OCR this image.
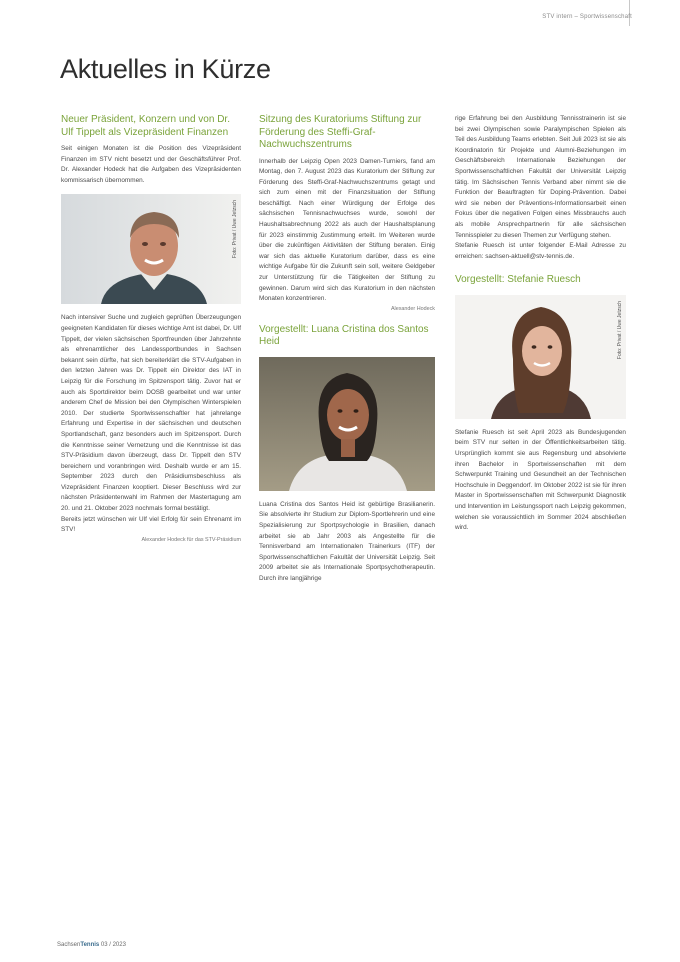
STV intern – Sportwissenschaft
Aktuelles in Kürze
Neuer Präsident, Konzern und von Dr. Ulf Tippelt als Vizepräsident Finanzen
Seit einigen Monaten ist die Position des Vizepräsident Finanzen im STV nicht besetzt und der Geschäftsführer Prof. Dr. Alexander Hodeck hat die Aufgaben des Vizepräsidenten kommissarisch übernommen.
Foto: Privat / Uwe Jetzsch
Nach intensiver Suche und zugleich geprüften Überzeugungen geeigneten Kandidaten für dieses wichtige Amt ist dabei, Dr. Ulf Tippelt, der vielen sächsischen Sportfreunden über Jahrzehnte als ehrenamtlicher des Landessportbundes in Sachsen bekannt sein dürfte, hat sich bereiterklärt die STV-Aufgaben in den letzten Jahren was Dr. Tippelt ein Direktor des IAT in Leipzig für die Forschung im Spitzensport tätig. Zuvor hat er auch als Sportdirektor beim DOSB gearbeitet und war unter anderem Chef de Mission bei den Olympischen Winterspielen 2010. Der studierte Sportwissenschaftler hat jahrelange Erfahrung und Expertise in der sächsischen und deutschen Sportlandschaft, ganz besonders auch im Spitzensport. Durch die Kenntnisse seiner Vernetzung und die Kenntnisse ist das STV-Präsidium davon überzeugt, dass Dr. Tippelt den STV bereichern und voranbringen wird. Deshalb wurde er am 15. September 2023 durch den Präsidiumsbeschluss als Vizepräsident Finanzen kooptiert. Dieser Beschluss wird zur nächsten Präsidentenwahl im Rahmen der Mastertagung am 20. und 21. Oktober 2023 nochmals formal bestätigt.
Bereits jetzt wünschen wir Ulf viel Erfolg für sein Ehrenamt im STV!
Alexander Hodeck für das STV-Präsidium
Sitzung des Kuratoriums Stiftung zur Förderung des Steffi-Graf-Nachwuchszentrums
Innerhalb der Leipzig Open 2023 Damen-Turniers, fand am Montag, den 7. August 2023 das Kuratorium der Stiftung zur Förderung des Steffi-Graf-Nachwuchszentrums getagt und sich zum einen mit der Finanzsituation der Stiftung beschäftigt. Nach einer Würdigung der Erfolge des sächsischen Tennisnachwuchses wurde, sowohl der Haushaltsabrechnung 2022 als auch der Haushaltsplanung für 2023 einstimmig Zustimmung erteilt. Im Weiteren wurde über die zukünftigen Aktivitäten der Stiftung beraten. Einig war sich das aktuelle Kuratorium darüber, dass es eine wichtige Aufgabe für die Zukunft sein soll, weitere Geldgeber zur Unterstützung für die Tätigkeiten der Stiftung zu gewinnen. Darum wird sich das Kuratorium in den nächsten Monaten konzentrieren.
Alexander Hodeck
Vorgestellt: Luana Cristina dos Santos Heid
Luana Cristina dos Santos Heid ist gebürtige Brasilianerin. Sie absolvierte ihr Studium zur Diplom-Sportlehrerin und eine Spezialisierung zur Sportpsychologie in Brasilien, danach arbeitet sie ab Jahr 2003 als Angestellte für die Tennisverband am Internationalen Trainerkurs (ITF) der Sportwissenschaftlichen Fakultät der Universität Leipzig. Seit 2009 arbeitet sie als Internationale Sportpsychotherapeutin. Durch ihre langjährige
rige Erfahrung bei den Ausbildung Tennisstrainerin ist sie bei zwei Olympischen sowie Paralympischen Spielen als Teil des Ausbildung Teams erlebten. Seit Juli 2023 ist sie als Koordinatorin für Projekte und Alumni-Beziehungen im Geschäftsbereich Internationale Beziehungen der Sportwissenschaftlichen Fakultät der Universität Leipzig tätig. Im Sächsischen Tennis Verband aber nimmt sie die Funktion der Beauftragten für Doping-Prävention. Dabei wird sie neben der Präventions-Informationsarbeit einen Fokus über die negativen Folgen eines Missbrauchs auch als mobile Ansprechpartnerin für alle sächsischen Tennisspieler zu diesen Themen zur Verfügung stehen.
Stefanie Ruesch ist unter folgender E-Mail Adresse zu erreichen: sachsen-aktuell@stv-tennis.de.
Vorgestellt: Stefanie Ruesch
Foto: Privat / Uwe Jetzsch
Stefanie Ruesch ist seit April 2023 als Bundesjugenden beim STV nur selten in der Öffentlichkeitsarbeiten tätig. Ursprünglich kommt sie aus Regensburg und absolvierte ihren Bachelor in Sportwissenschaften mit dem Schwerpunkt Training und Gesundheit an der Technischen Hochschule in Deggendorf. Im Oktober 2022 ist sie für ihren Master in Sportwissenschaften mit Schwerpunkt Diagnostik und Intervention im Leistungssport nach Leipzig gekommen, welchen sie voraussichtlich im Sommer 2024 abschließen wird.
SachsenTennis 03 / 2023
